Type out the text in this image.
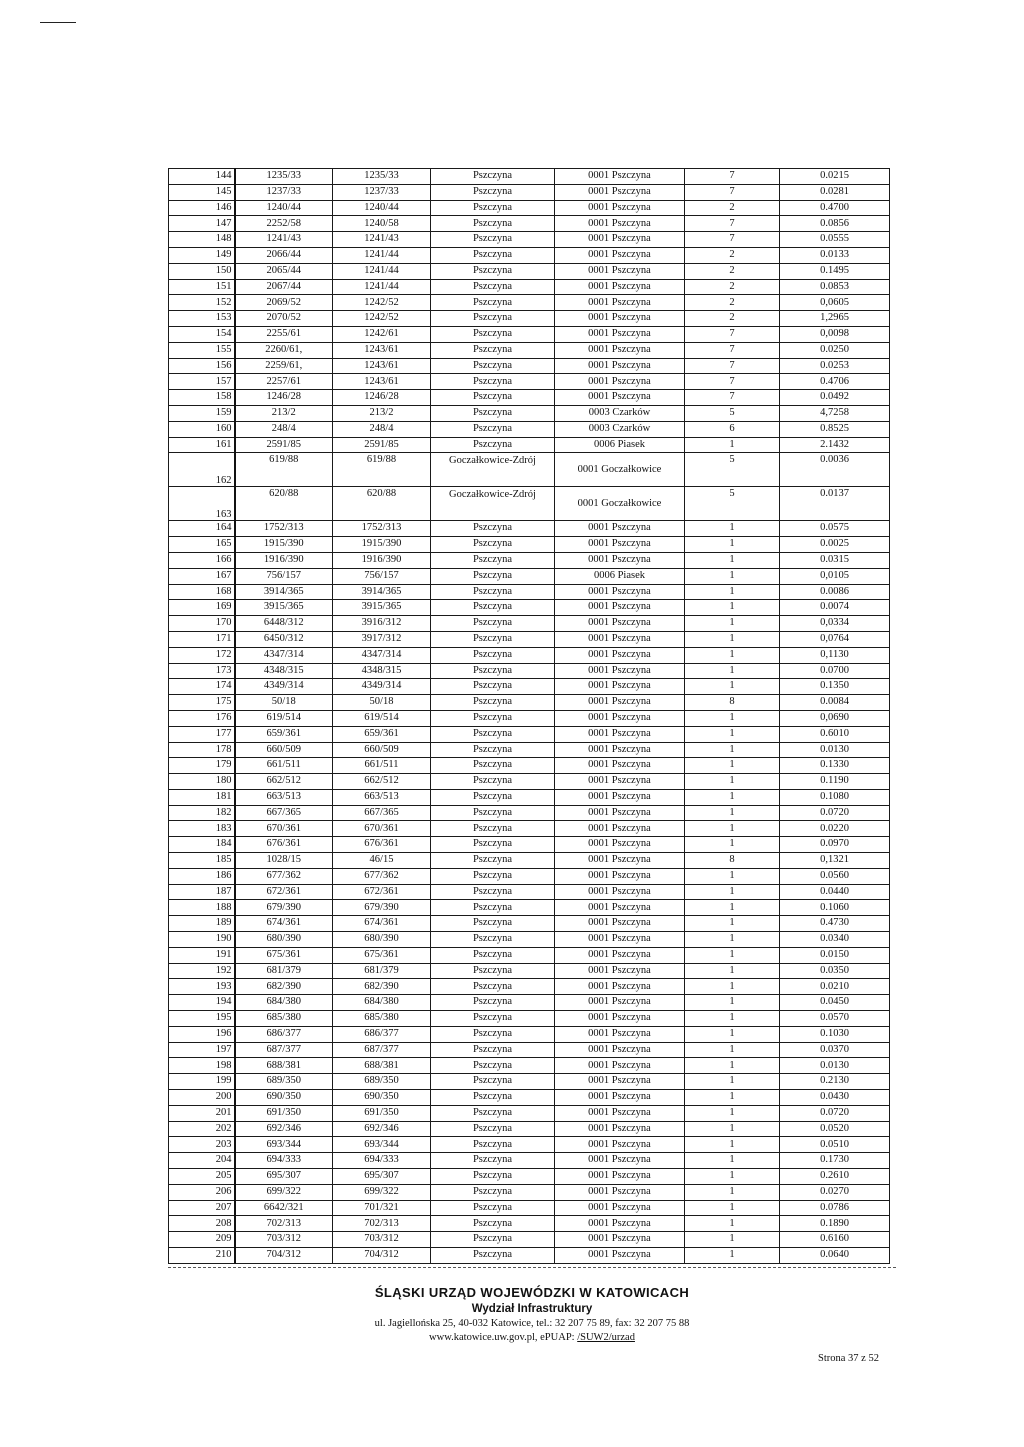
144	1235/33	1235/33	Pszczyna	0001 Pszczyna	7	0.0215
145	1237/33	1237/33	Pszczyna	0001 Pszczyna	7	0.0281
146	1240/44	1240/44	Pszczyna	0001 Pszczyna	2	0.4700
147	2252/58	1240/58	Pszczyna	0001 Pszczyna	7	0.0856
148	1241/43	1241/43	Pszczyna	0001 Pszczyna	7	0.0555
149	2066/44	1241/44	Pszczyna	0001 Pszczyna	2	0.0133
150	2065/44	1241/44	Pszczyna	0001 Pszczyna	2	0.1495
151	2067/44	1241/44	Pszczyna	0001 Pszczyna	2	0.0853
152	2069/52	1242/52	Pszczyna	0001 Pszczyna	2	0,0605
153	2070/52	1242/52	Pszczyna	0001 Pszczyna	2	1,2965
154	2255/61	1242/61	Pszczyna	0001 Pszczyna	7	0,0098
155	2260/61,	1243/61	Pszczyna	0001 Pszczyna	7	0.0250
156	2259/61,	1243/61	Pszczyna	0001 Pszczyna	7	0.0253
157	2257/61	1243/61	Pszczyna	0001 Pszczyna	7	0.4706
158	1246/28	1246/28	Pszczyna	0001 Pszczyna	7	0.0492
159	213/2	213/2	Pszczyna	0003 Czarków	5	4,7258
160	248/4	248/4	Pszczyna	0003 Czarków	6	0.8525
161	2591/85	2591/85	Pszczyna	0006 Piasek	1	2.1432
162	619/88	619/88	Goczałkowice-Zdrój	0001 Goczałkowice	5	0.0036
163	620/88	620/88	Goczałkowice-Zdrój	0001 Goczałkowice	5	0.0137
164	1752/313	1752/313	Pszczyna	0001 Pszczyna	1	0.0575
165	1915/390	1915/390	Pszczyna	0001 Pszczyna	1	0.0025
166	1916/390	1916/390	Pszczyna	0001 Pszczyna	1	0.0315
167	756/157	756/157	Pszczyna	0006 Piasek	1	0,0105
168	3914/365	3914/365	Pszczyna	0001 Pszczyna	1	0.0086
169	3915/365	3915/365	Pszczyna	0001 Pszczyna	1	0.0074
170	6448/312	3916/312	Pszczyna	0001 Pszczyna	1	0,0334
171	6450/312	3917/312	Pszczyna	0001 Pszczyna	1	0,0764
172	4347/314	4347/314	Pszczyna	0001 Pszczyna	1	0,1130
173	4348/315	4348/315	Pszczyna	0001 Pszczyna	1	0.0700
174	4349/314	4349/314	Pszczyna	0001 Pszczyna	1	0.1350
175	50/18	50/18	Pszczyna	0001 Pszczyna	8	0.0084
176	619/514	619/514	Pszczyna	0001 Pszczyna	1	0,0690
177	659/361	659/361	Pszczyna	0001 Pszczyna	1	0.6010
178	660/509	660/509	Pszczyna	0001 Pszczyna	1	0.0130
179	661/511	661/511	Pszczyna	0001 Pszczyna	1	0.1330
180	662/512	662/512	Pszczyna	0001 Pszczyna	1	0.1190
181	663/513	663/513	Pszczyna	0001 Pszczyna	1	0.1080
182	667/365	667/365	Pszczyna	0001 Pszczyna	1	0.0720
183	670/361	670/361	Pszczyna	0001 Pszczyna	1	0.0220
184	676/361	676/361	Pszczyna	0001 Pszczyna	1	0.0970
185	1028/15	46/15	Pszczyna	0001 Pszczyna	8	0,1321
186	677/362	677/362	Pszczyna	0001 Pszczyna	1	0.0560
187	672/361	672/361	Pszczyna	0001 Pszczyna	1	0.0440
188	679/390	679/390	Pszczyna	0001 Pszczyna	1	0.1060
189	674/361	674/361	Pszczyna	0001 Pszczyna	1	0.4730
190	680/390	680/390	Pszczyna	0001 Pszczyna	1	0.0340
191	675/361	675/361	Pszczyna	0001 Pszczyna	1	0.0150
192	681/379	681/379	Pszczyna	0001 Pszczyna	1	0.0350
193	682/390	682/390	Pszczyna	0001 Pszczyna	1	0.0210
194	684/380	684/380	Pszczyna	0001 Pszczyna	1	0.0450
195	685/380	685/380	Pszczyna	0001 Pszczyna	1	0.0570
196	686/377	686/377	Pszczyna	0001 Pszczyna	1	0.1030
197	687/377	687/377	Pszczyna	0001 Pszczyna	1	0.0370
198	688/381	688/381	Pszczyna	0001 Pszczyna	1	0.0130
199	689/350	689/350	Pszczyna	0001 Pszczyna	1	0.2130
200	690/350	690/350	Pszczyna	0001 Pszczyna	1	0.0430
201	691/350	691/350	Pszczyna	0001 Pszczyna	1	0.0720
202	692/346	692/346	Pszczyna	0001 Pszczyna	1	0.0520
203	693/344	693/344	Pszczyna	0001 Pszczyna	1	0.0510
204	694/333	694/333	Pszczyna	0001 Pszczyna	1	0.1730
205	695/307	695/307	Pszczyna	0001 Pszczyna	1	0.2610
206	699/322	699/322	Pszczyna	0001 Pszczyna	1	0.0270
207	6642/321	701/321	Pszczyna	0001 Pszczyna	1	0.0786
208	702/313	702/313	Pszczyna	0001 Pszczyna	1	0.1890
209	703/312	703/312	Pszczyna	0001 Pszczyna	1	0.6160
210	704/312	704/312	Pszczyna	0001 Pszczyna	1	0.0640
ŚLĄSKI URZĄD WOJEWÓDZKI W KATOWICACH
Wydział Infrastruktury
ul. Jagiellońska 25, 40-032 Katowice, tel.: 32 207 75 89, fax: 32 207 75 88
www.katowice.uw.gov.pl, ePUAP: /SUW2/urzad
Strona 37 z 52
